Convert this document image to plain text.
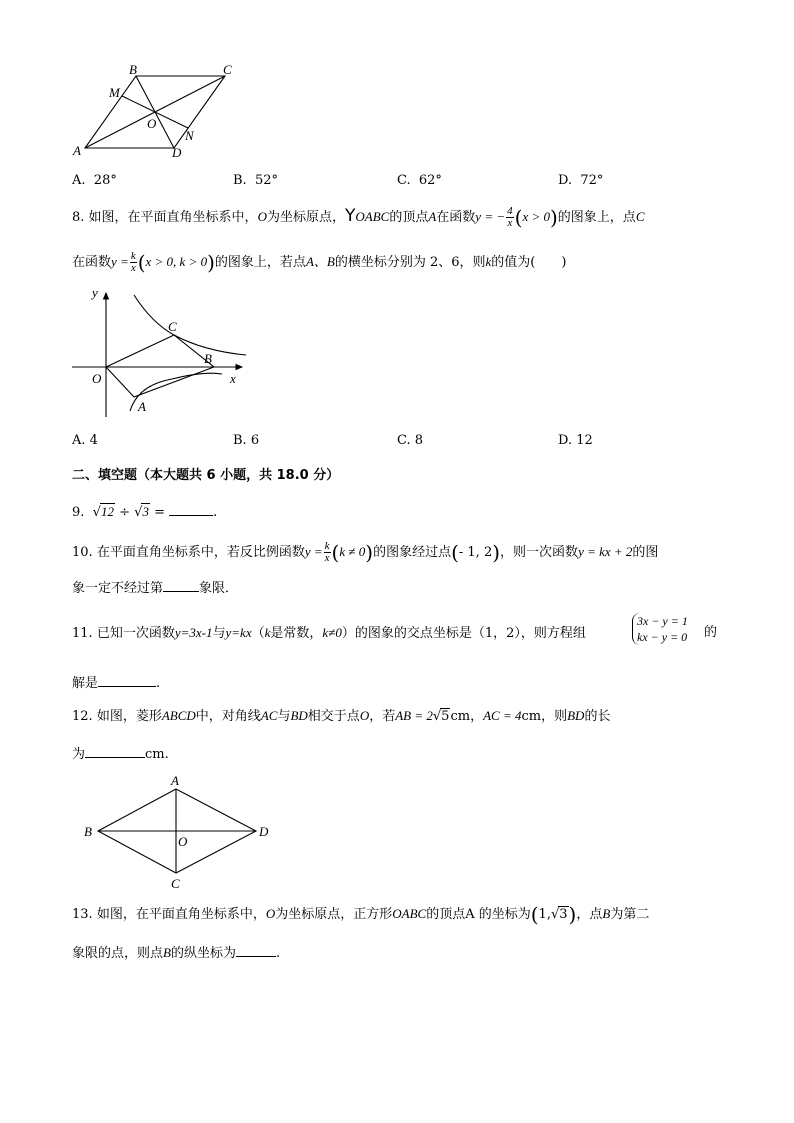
B	C
M
O
N
A	D
A. 28°	B. 52°	C. 62°	D. 72°
8. 如图，在平面直角坐标系中，O为坐标原点，YOABC的顶点A在函数y = − $\frac{4}{x} (x > 0)$的图象上，点C
在函数$y = \frac{k}{x} (x > 0$, k > 0)的图象上，若点A、B的横坐标分别为 2、6，则k的值为(　　)
y
x
O
A
B
C
A. 4	B. 6	C. 8	D. 12
二、填空题（本大题共 6 小题，共 18.0 分）
9. √12 ÷ √3 =	.
10. 在平面直角坐标系中，若反比例函数$y = \frac{k}{x} (k \ne 0)$的图象经过点(- 1, 2)，则一次函数y = kx + 2的图
象一定不经过第	象限．
11. 已知一次函数y=3x-1与y=kx（k是常数，k≠0）的图象的交点坐标是（1，2），则方程组
3x − y = 1
kx − y = 0 的
解是	.
12. 如图，菱形ABCD中，对角线AC与BD相交于点O，若AB = 2√5cm，AC = 4cm，则BD的长
为	cm.
A
B	D
O
C
13. 如图，在平面直角坐标系中，O为坐标原点，正方形OABC的顶点A 的坐标为(1,√3)，点B为第二
象限的点，则点B的纵坐标为	.
